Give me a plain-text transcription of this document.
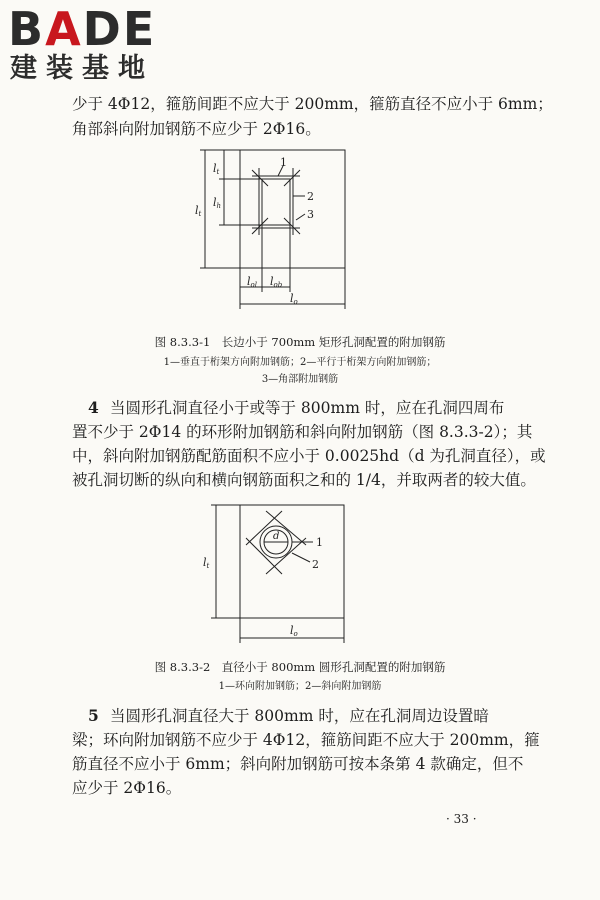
BADE
建装基地
少于 4Φ12，箍筋间距不应大于 200mm，箍筋直径不应小于 6mm；
角部斜向附加钢筋不应少于 2Φ16。
1
2
3
lt
lt
lh
lol lob
lo
图 8.3.3-1　长边小于 700mm 矩形孔洞配置的附加钢筋
1—垂直于桁架方向附加钢筋；2—平行于桁架方向附加钢筋；
3—角部附加钢筋
4 当圆形孔洞直径小于或等于 800mm 时，应在孔洞四周布
置不少于 2Φ14 的环形附加钢筋和斜向附加钢筋（图 8.3.3-2）；其
中，斜向附加钢筋配筋面积不应小于 0.0025hd（d 为孔洞直径），或
被孔洞切断的纵向和横向钢筋面积之和的 1/4，并取两者的较大值。
d	1
2
lt
lo
图 8.3.3-2　直径小于 800mm 圆形孔洞配置的附加钢筋
1—环向附加钢筋；2—斜向附加钢筋
5 当圆形孔洞直径大于 800mm 时，应在孔洞周边设置暗
梁；环向附加钢筋不应少于 4Φ12，箍筋间距不应大于 200mm，箍
筋直径不应小于 6mm；斜向附加钢筋可按本条第 4 款确定，但不
应少于 2Φ16。
· 33 ·
